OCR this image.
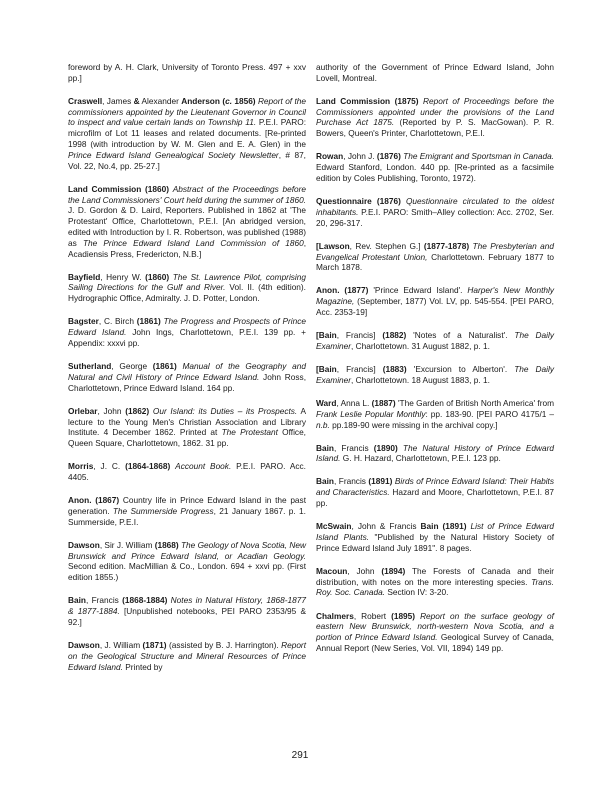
foreword by A. H. Clark, University of Toronto Press. 497 + xxv pp.]

Craswell, James & Alexander Anderson (c. 1856) Report of the commissioners appointed by the Lieutenant Governor in Council to inspect and value certain lands on Township 11. P.E.I. PARO: microfilm of Lot 11 leases and related documents. [Re-printed 1998 (with introduction by W. M. Glen and E. A. Glen) in the Prince Edward Island Genealogical Society Newsletter, # 87, Vol. 22, No.4, pp. 25-27.]

Land Commission (1860) Abstract of the Proceedings before the Land Commissioners' Court held during the summer of 1860. J. D. Gordon & D. Laird, Reporters. Published in 1862 at 'The Protestant' Office, Charlottetown, P.E.I. [An abridged version, edited with Introduction by I. R. Robertson, was published (1988) as The Prince Edward Island Land Commission of 1860, Acadiensis Press, Fredericton, N.B.]

Bayfield, Henry W. (1860) The St. Lawrence Pilot, comprising Sailing Directions for the Gulf and River. Vol. II. (4th edition). Hydrographic Office, Admiralty. J. D. Potter, London.

Bagster, C. Birch (1861) The Progress and Prospects of Prince Edward Island. John Ings, Charlottetown, P.E.I. 139 pp. + Appendix: xxxvi pp.

Sutherland, George (1861) Manual of the Geography and Natural and Civil History of Prince Edward Island. John Ross, Charlottetown, Prince Edward Island. 164 pp.

Orlebar, John (1862) Our Island: its Duties – its Prospects. A lecture to the Young Men's Christian Association and Library Institute. 4 December 1862. Printed at The Protestant Office, Queen Square, Charlottetown, 1862. 31 pp.

Morris, J. C. (1864-1868) Account Book. P.E.I. PARO. Acc. 4405.

Anon. (1867) Country life in Prince Edward Island in the past generation. The Summerside Progress, 21 January 1867. p. 1. Summerside, P.E.I.

Dawson, Sir J. William (1868) The Geology of Nova Scotia, New Brunswick and Prince Edward Island, or Acadian Geology. Second edition. MacMillian & Co., London. 694 + xxvi pp. (First edition 1855.)

Bain, Francis (1868-1884) Notes in Natural History, 1868-1877 & 1877-1884. [Unpublished notebooks, PEI PARO 2353/95 & 92.]

Dawson, J. William (1871) (assisted by B. J. Harrington). Report on the Geological Structure and Mineral Resources of Prince Edward Island. Printed by

authority of the Government of Prince Edward Island, John Lovell, Montreal.

Land Commission (1875) Report of Proceedings before the Commissioners appointed under the provisions of the Land Purchase Act 1875. (Reported by P. S. MacGowan). P. R. Bowers, Queen's Printer, Charlottetown, P.E.I.

Rowan, John J. (1876) The Emigrant and Sportsman in Canada. Edward Stanford, London. 440 pp. [Re-printed as a facsimile edition by Coles Publishing, Toronto, 1972).

Questionnaire (1876) Questionnaire circulated to the oldest inhabitants. P.E.I. PARO: Smith–Alley collection: Acc. 2702, Ser. 20, 296-317.

[Lawson, Rev. Stephen G.] (1877-1878) The Presbyterian and Evangelical Protestant Union, Charlottetown. February 1877 to March 1878.

Anon. (1877) 'Prince Edward Island'. Harper's New Monthly Magazine, (September, 1877) Vol. LV, pp. 545-554. [PEI PARO, Acc. 2353-19]

[Bain, Francis] (1882) 'Notes of a Naturalist'. The Daily Examiner, Charlottetown. 31 August 1882, p. 1.

[Bain, Francis] (1883) 'Excursion to Alberton'. The Daily Examiner, Charlottetown. 18 August 1883, p. 1.

Ward, Anna L. (1887) 'The Garden of British North America' from Frank Leslie Popular Monthly: pp. 183-90. [PEI PARO 4175/1 – n.b. pp.189-90 were missing in the archival copy.]

Bain, Francis (1890) The Natural History of Prince Edward Island. G. H. Hazard, Charlottetown, P.E.I. 123 pp.

Bain, Francis (1891) Birds of Prince Edward Island: Their Habits and Characteristics. Hazard and Moore, Charlottetown, P.E.I. 87 pp.

McSwain, John & Francis Bain (1891) List of Prince Edward Island Plants. "Published by the Natural History Society of Prince Edward Island July 1891". 8 pages.

Macoun, John (1894) The Forests of Canada and their distribution, with notes on the more interesting species. Trans. Roy. Soc. Canada. Section IV: 3-20.

Chalmers, Robert (1895) Report on the surface geology of eastern New Brunswick, north-western Nova Scotia, and a portion of Prince Edward Island. Geological Survey of Canada, Annual Report (New Series, Vol. VII, 1894) 149 pp.

291
